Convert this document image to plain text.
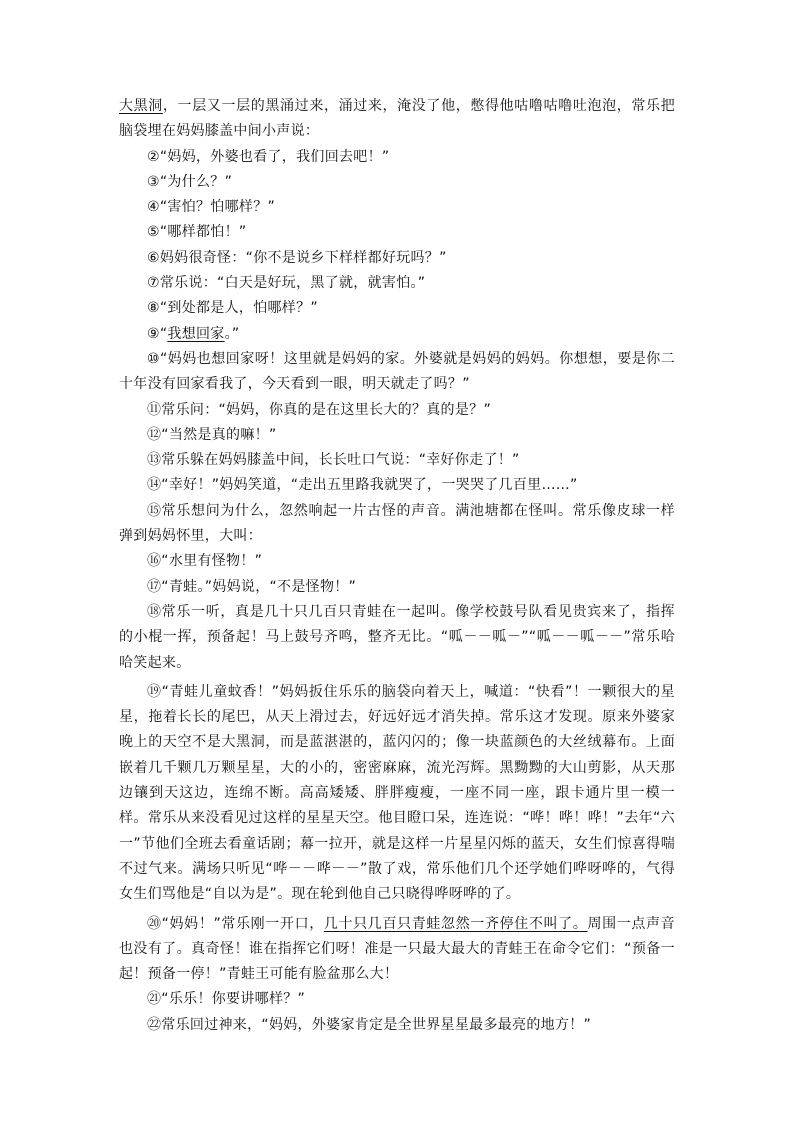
大黑洞，一层又一层的黑涌过来，涌过来，淹没了他，憋得他咕噜咕噜吐泡泡，常乐把脑袋埋在妈妈膝盖中间小声说：

②“妈妈，外婆也看了，我们回去吧！”

③“为什么？”

④“害怕？怕哪样？”

⑤“哪样都怕！”

⑥妈妈很奇怪：“你不是说乡下样样都好玩吗？”

⑦常乐说：“白天是好玩，黑了就，就害怕。”

⑧“到处都是人，怕哪样？”

⑨“我想回家。”

⑩“妈妈也想回家呀！这里就是妈妈的家。外婆就是妈妈的妈妈。你想想，要是你二十年没有回家看我了，今天看到一眼，明天就走了吗？”

⑪常乐问：“妈妈，你真的是在这里长大的？真的是？”

⑫“当然是真的嘛！”

⑬常乐躲在妈妈膝盖中间，长长吐口气说：“幸好你走了！”

⑭“幸好！”妈妈笑道，“走出五里路我就哭了，一哭哭了几百里……”

⑮常乐想问为什么，忽然响起一片古怪的声音。满池塘都在怪叫。常乐像皮球一样弹到妈妈怀里，大叫：

⑯“水里有怪物！”

⑰“青蛙。”妈妈说，“不是怪物！”

⑱常乐一听，真是几十只几百只青蛙在一起叫。像学校鼓号队看见贵宾来了，指挥的小棍一挥，预备起！马上鼓号齐鸣，整齐无比。“呱－－呱－”“呱－－呱－－”常乐哈哈笑起来。

⑲“青蛙儿童蚊香！”妈妈扳住乐乐的脑袋向着天上，喊道：“快看”！一颗很大的星星，拖着长长的尾巴，从天上滑过去，好远好远才消失掉。常乐这才发现。原来外婆家晚上的天空不是大黑洞，而是蓝湛湛的，蓝闪闪的；像一块蓝颜色的大丝绒幕布。上面嵌着几千颗几万颗星星，大的小的，密密麻麻，流光泻辉。黑黝黝的大山剪影，从天那边镶到天这边，连绵不断。高高矮矮、胖胖瘦瘦，一座不同一座，跟卡通片里一模一样。常乐从来没看见过这样的星星天空。他目瞪口呆，连连说：“哗！哗！哗！”去年“六一”节他们全班去看童话剧；幕一拉开，就是这样一片星星闪烁的蓝天，女生们惊喜得喘不过气来。满场只听见“哗－－哗－－”散了戏，常乐他们几个还学她们哗呀哗的，气得女生们骂他是“自以为是”。现在轮到他自己只晓得哗呀哗的了。

⑳“妈妈！”常乐刚一开口，几十只几百只青蛙忽然一齐停住不叫了。周围一点声音也没有了。真奇怪！谁在指挥它们呀！准是一只最大最大的青蛙王在命令它们：“预备一起！预备一停！”青蛙王可能有脸盆那么大！

㉑“乐乐！你要讲哪样？”

㉒常乐回过神来，“妈妈，外婆家肯定是全世界星星最多最亮的地方！”
